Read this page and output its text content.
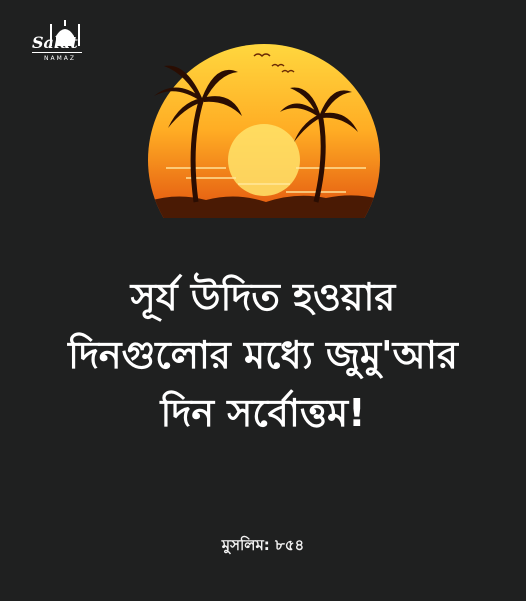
Salat
NAMAZ
সূর্য উদিত হওয়ার
দিনগুলোর মধ্যে জুমু'আর
দিন সর্বোত্তম!
মুসলিম: ৮৫৪
